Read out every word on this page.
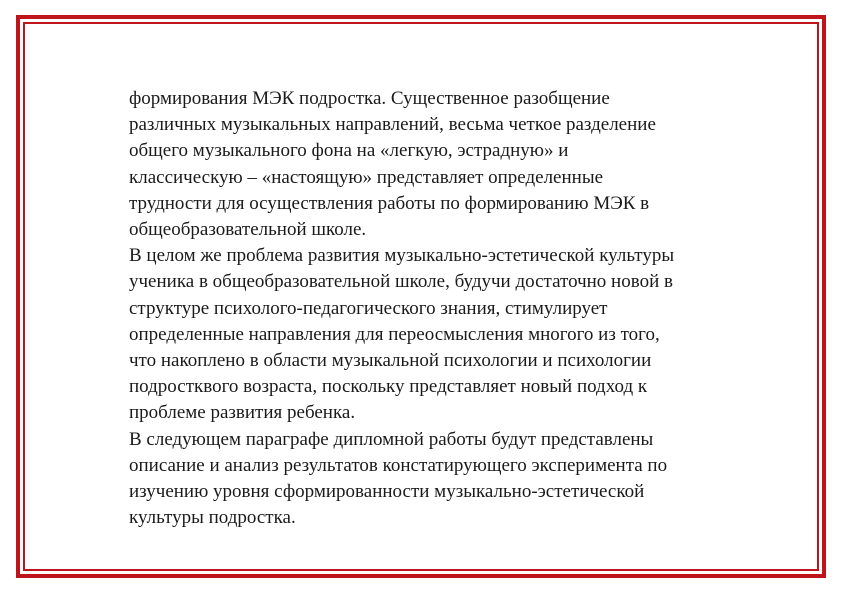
формирования МЭК подростка. Существенное разобщение
различных музыкальных направлений, весьма четкое разделение
общего музыкального фона на «легкую, эстрадную» и
классическую – «настоящую» представляет определенные
трудности для осуществления работы по формированию МЭК в
общеобразовательной школе.

В целом же проблема развития музыкально-эстетической культуры
ученика в общеобразовательной школе, будучи достаточно новой в
структуре психолого-педагогического знания, стимулирует
определенные направления для переосмысления многого из того,
что накоплено в области музыкальной психологии и психологии
подростквого возраста, поскольку представляет новый подход к
проблеме развития ребенка.

В следующем параграфе дипломной работы будут представлены
описание и анализ результатов констатирующего эксперимента по
изучению уровня сформированности музыкально-эстетической
культуры подростка.
